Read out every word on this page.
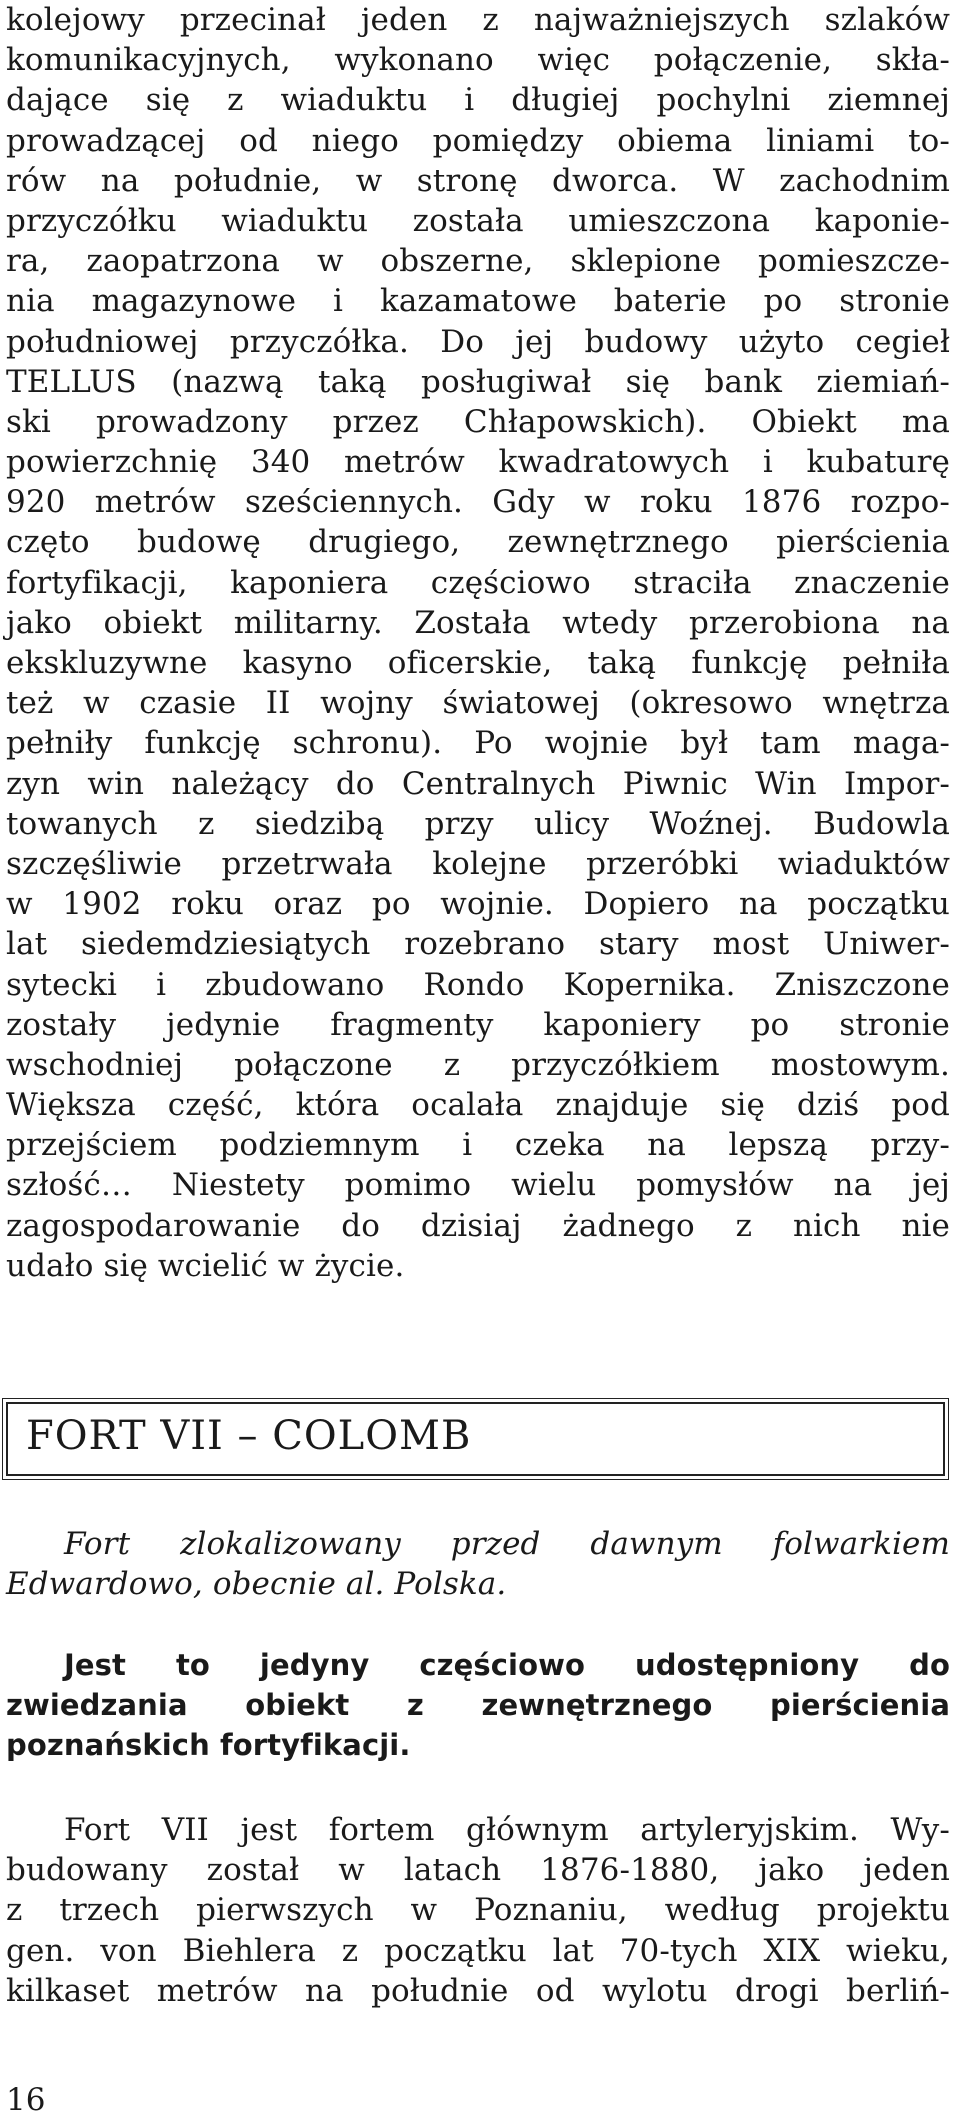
kolejowy przecinał jeden z najważniejszych szlaków
komunikacyjnych, wykonano więc połączenie, skła-
dające się z wiaduktu i długiej pochylni ziemnej
prowadzącej od niego pomiędzy obiema liniami to-
rów na południe, w stronę dworca. W zachodnim
przyczółku wiaduktu została umieszczona kaponie-
ra, zaopatrzona w obszerne, sklepione pomieszcze-
nia magazynowe i kazamatowe baterie po stronie
południowej przyczółka. Do jej budowy użyto cegieł
TELLUS (nazwą taką posługiwał się bank ziemiań-
ski prowadzony przez Chłapowskich). Obiekt ma
powierzchnię 340 metrów kwadratowych i kubaturę
920 metrów sześciennych. Gdy w roku 1876 rozpo-
częto budowę drugiego, zewnętrznego pierścienia
fortyfikacji, kaponiera częściowo straciła znaczenie
jako obiekt militarny. Została wtedy przerobiona na
ekskluzywne kasyno oficerskie, taką funkcję pełniła
też w czasie II wojny światowej (okresowo wnętrza
pełniły funkcję schronu). Po wojnie był tam maga-
zyn win należący do Centralnych Piwnic Win Impor-
towanych z siedzibą przy ulicy Woźnej. Budowla
szczęśliwie przetrwała kolejne przeróbki wiaduktów
w 1902 roku oraz po wojnie. Dopiero na początku
lat siedemdziesiątych rozebrano stary most Uniwer-
sytecki i zbudowano Rondo Kopernika. Zniszczone
zostały jedynie fragmenty kaponiery po stronie
wschodniej połączone z przyczółkiem mostowym.
Większa część, która ocalała znajduje się dziś pod
przejściem podziemnym i czeka na lepszą przy-
szłość… Niestety pomimo wielu pomysłów na jej
zagospodarowanie do dzisiaj żadnego z nich nie
udało się wcielić w życie.
FORT VII – COLOMB
Fort zlokalizowany przed dawnym folwarkiem
Edwardowo, obecnie al. Polska.
Jest to jedyny częściowo udostępniony do
zwiedzania obiekt z zewnętrznego pierścienia
poznańskich fortyfikacji.
Fort VII jest fortem głównym artyleryjskim. Wy-
budowany został w latach 1876-1880, jako jeden
z trzech pierwszych w Poznaniu, według projektu
gen. von Biehlera z początku lat 70-tych XIX wieku,
kilkaset metrów na południe od wylotu drogi berliń-
16
